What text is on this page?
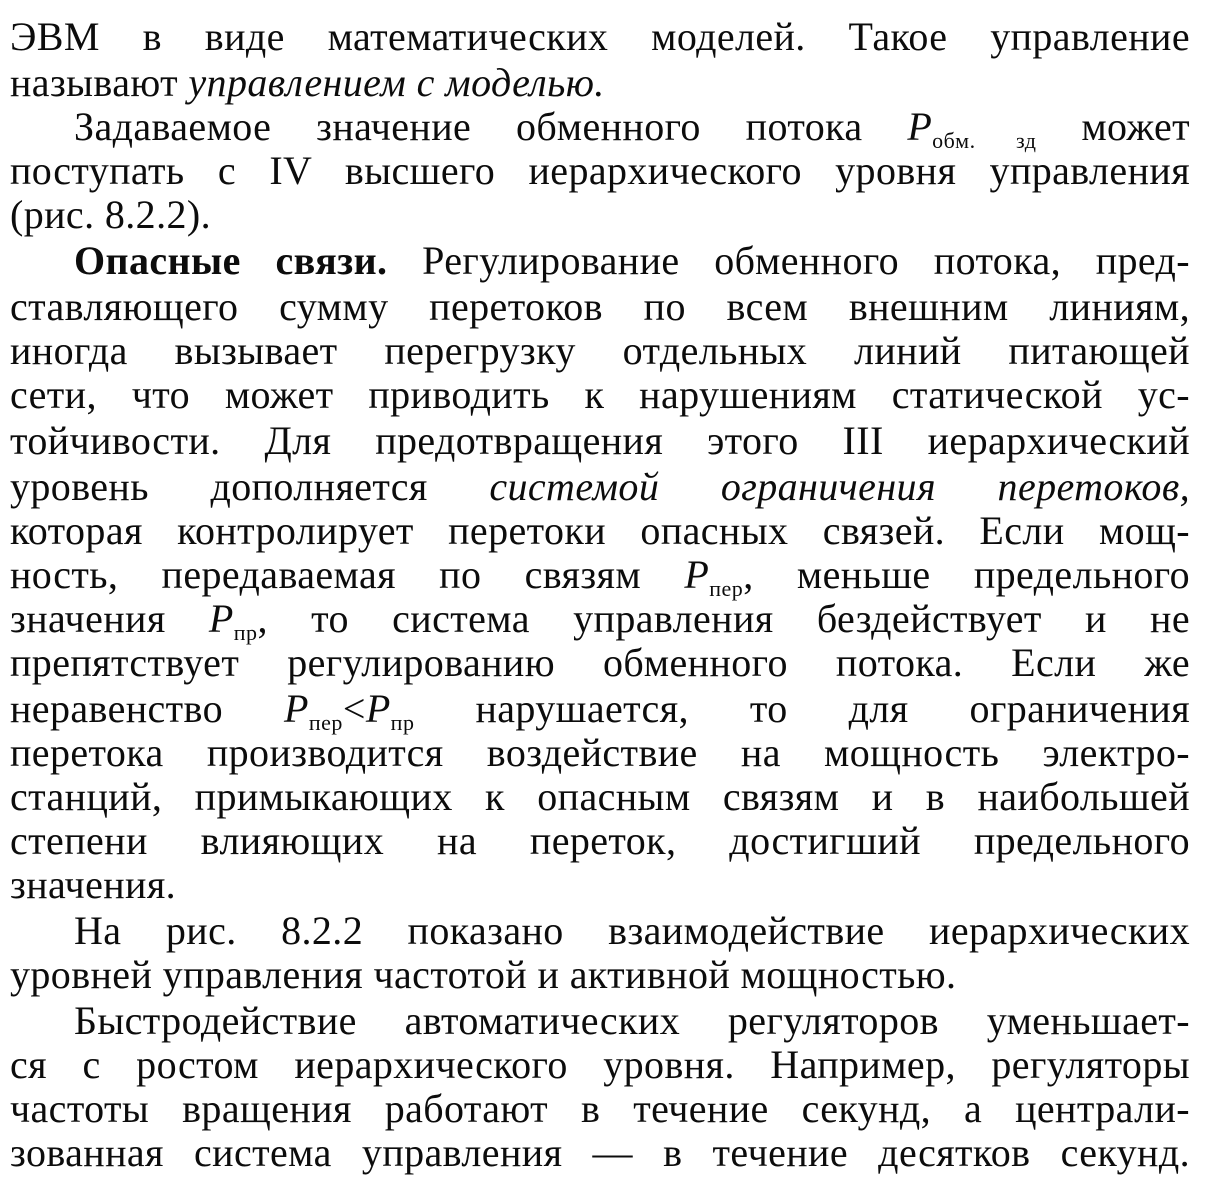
ЭВМ в виде математических моделей. Такое управление
называют управлением с моделью.
Задаваемое значение обменного потока $P_{обм. зд}$ может
поступать с IV высшего иерархического уровня управления
(рис. 8.2.2).
Опасные связи. Регулирование обменного потока, пред-
ставляющего сумму перетоков по всем внешним линиям,
иногда вызывает перегрузку отдельных линий питающей
сети, что может приводить к нарушениям статической ус-
тойчивости. Для предотвращения этого III иерархический
уровень дополняется системой ограничения перетоков,
которая контролирует перетоки опасных связей. Если мощ-
ность, передаваемая по связям $P_{пер}$, меньше предельного
значения $P_{пр}$, то система управления бездействует и не
препятствует регулированию обменного потока. Если же
неравенство $P_{пер}<P_{пр}$ нарушается, то для ограничения
перетока производится воздействие на мощность электро-
станций, примыкающих к опасным связям и в наибольшей
степени влияющих на переток, достигший предельного
значения.
На рис. 8.2.2 показано взаимодействие иерархических
уровней управления частотой и активной мощностью.
Быстродействие автоматических регуляторов уменьшает-
ся с ростом иерархического уровня. Например, регуляторы
частоты вращения работают в течение секунд, а централи-
зованная система управления — в течение десятков секунд.
